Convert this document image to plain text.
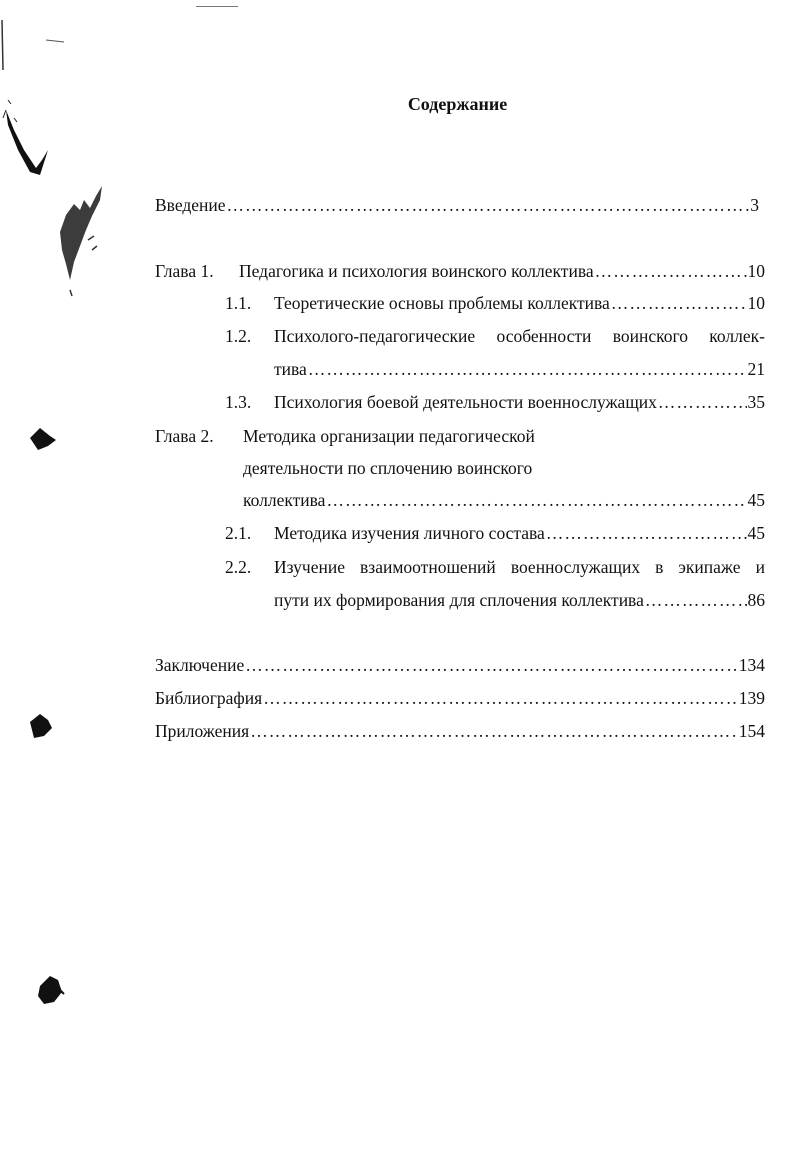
Содержание
Введение ………………………………………………………………………………………………………………………………………	3
Глава 1. Педагогика и психология воинского коллектива ………………………………………………………………………………………………………………………………………	10
1.1. Теоретические основы проблемы коллектива ………………………………………………………………………………………………………………………………………	10
1.2. Психолого-педагогические особенности воинского коллек-
тива ………………………………………………………………………………………………………………………………………	21
1.3. Психология боевой деятельности военнослужащих ………………………………………………………………………………………………………………………………………	35
Глава 2. Методика организации педагогической
деятельности по сплочению воинского
коллектива ………………………………………………………………………………………………………………………………………	45
2.1. Методика изучения личного состава ………………………………………………………………………………………………………………………………………	45
2.2. Изучение взаимоотношений военнослужащих в экипаже и
пути их формирования для сплочения коллектива ………………………………………………………………………………………………………………………………………	86
Заключение ………………………………………………………………………………………………………………………………………	134
Библиография ………………………………………………………………………………………………………………………………………	139
Приложения ………………………………………………………………………………………………………………………………………	154
